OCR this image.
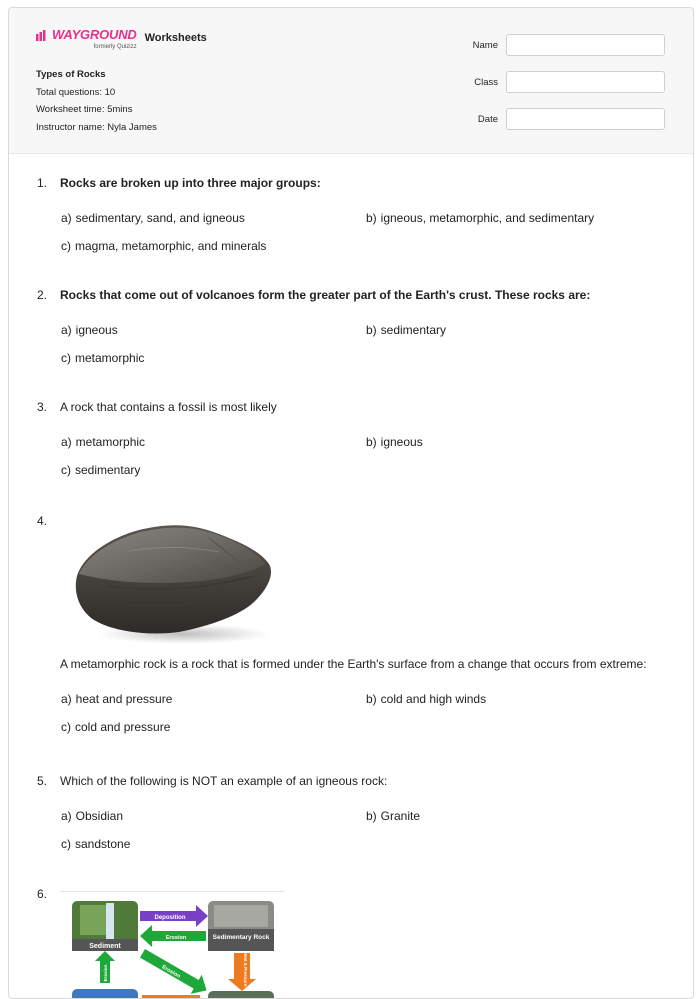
WAYGROUND
formerly Quizizz
Worksheets
Types of Rocks
Total questions: 10
Worksheet time: 5mins
Instructor name: Nyla James
Name
Class
Date
1. Rocks are broken up into three major groups:
a) sedimentary, sand, and igneous	b) igneous, metamorphic, and sedimentary
c) magma, metamorphic, and minerals
2. Rocks that come out of volcanoes form the greater part of the Earth's crust. These rocks are:
a) igneous	b) sedimentary
c) metamorphic
3. A rock that contains a fossil is most likely
a) metamorphic	b) igneous
c) sedimentary
4.
A metamorphic rock is a rock that is formed under the Earth's surface from a change that occurs from extreme:
a) heat and pressure	b) cold and high winds
c) cold and pressure
5. Which of the following is NOT an example of an igneous rock:
a) Obsidian	b) Granite
c) sandstone
6.
Sediment
Sedimentary Rock
Deposition
Erosion
Erosion
Erosion	Heat & Pressure
